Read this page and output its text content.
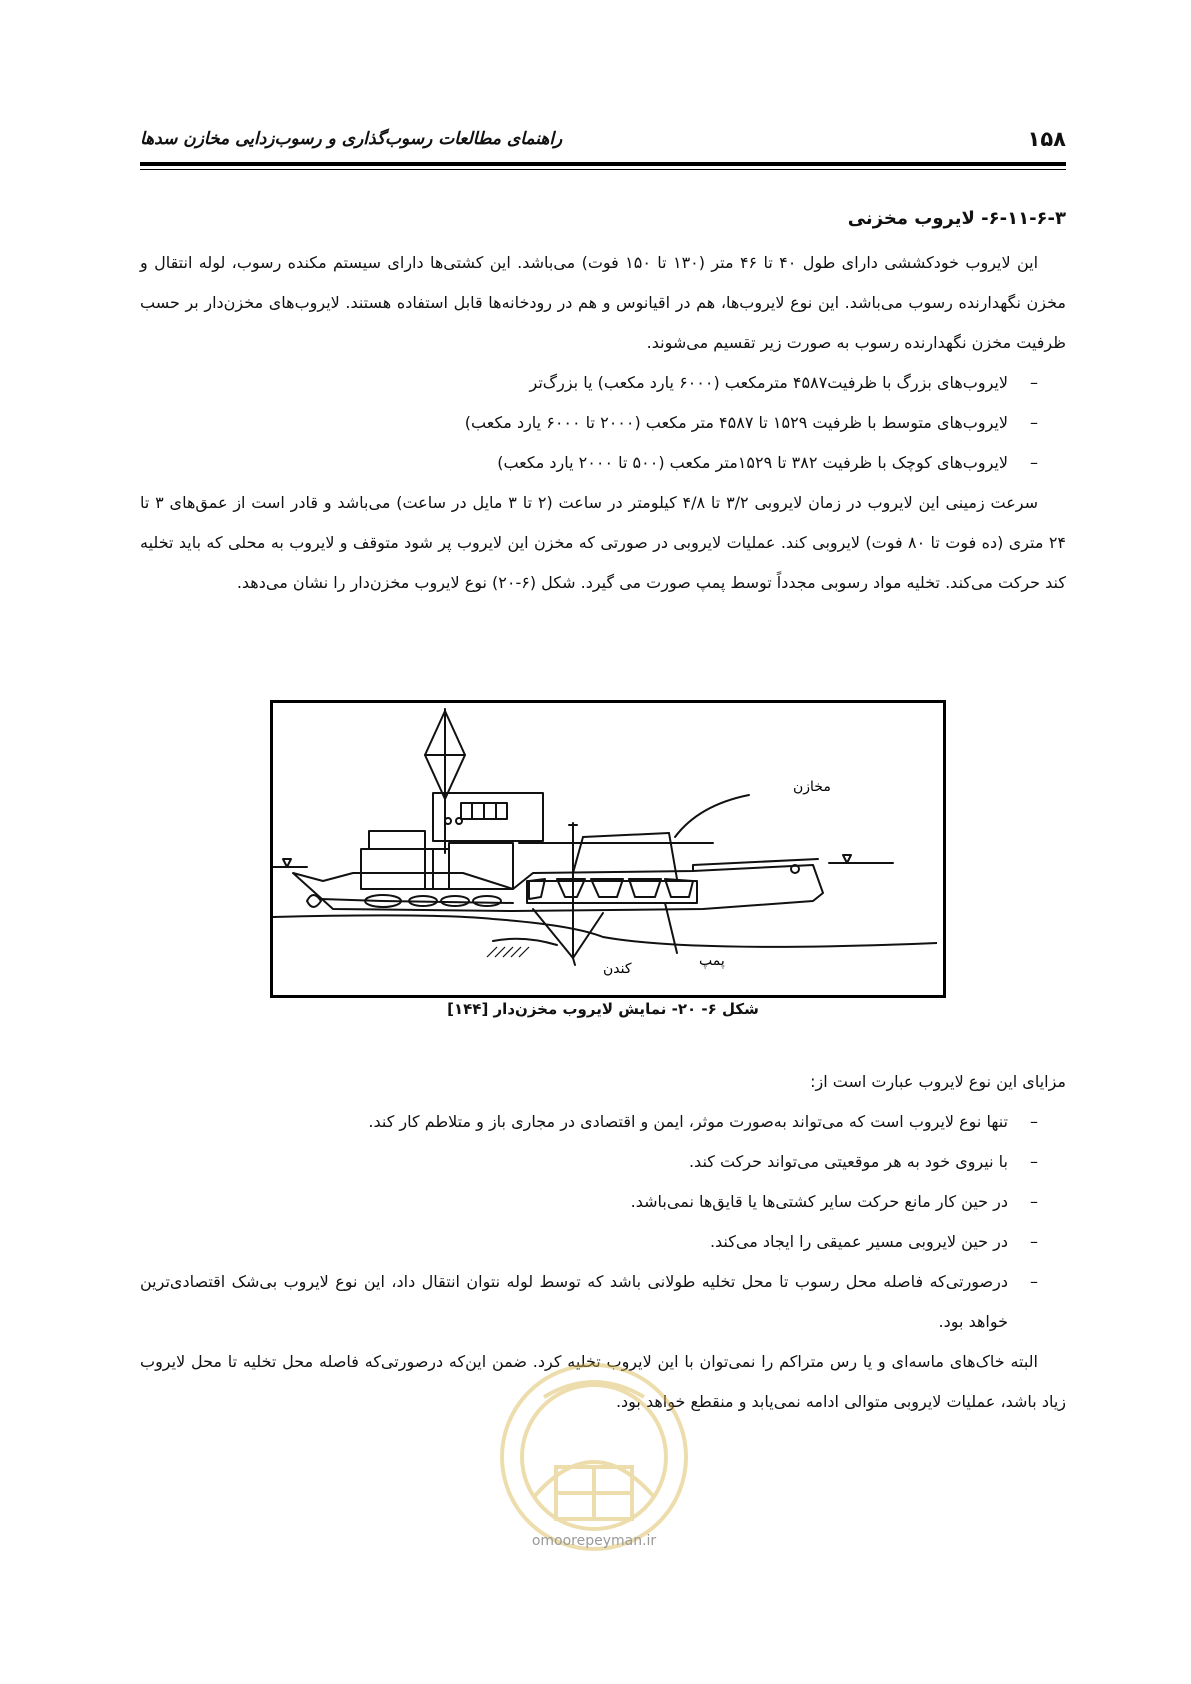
۱۵۸
راهنمای مطالعات رسوب‌گذاری و رسوب‌زدایی مخازن سدها
۶-۱۱-۶-۳- لایروب مخزنی

این لایروب خودکششی دارای طول ۴۰ تا ۴۶ متر (۱۳۰ تا ۱۵۰ فوت) می‌باشد. این کشتی‌ها دارای سیستم مکنده رسوب، لوله انتقال و مخزن نگهدارنده رسوب می‌باشد. این نوع لایروب‌ها، هم در اقیانوس و هم در رودخانه‌ها قابل استفاده هستند. لایروب‌های مخزن‌دار بر حسب ظرفیت مخزن نگهدارنده رسوب به صورت زیر تقسیم می‌شوند.

– لایروب‌های بزرگ با ظرفیت۴۵۸۷ مترمکعب (۶۰۰۰ یارد مکعب) یا بزرگ‌تر
– لایروب‌های متوسط با ظرفیت ۱۵۲۹ تا ۴۵۸۷ متر مکعب (۲۰۰۰ تا ۶۰۰۰ یارد مکعب)
– لایروب‌های کوچک با ظرفیت ۳۸۲ تا ۱۵۲۹متر مکعب (۵۰۰ تا ۲۰۰۰ یارد مکعب)

سرعت زمینی این لایروب در زمان لایروبی ۳/۲ تا ۴/۸ کیلومتر در ساعت (۲ تا ۳ مایل در ساعت) می‌باشد و قادر است از عمق‌های ۳ تا ۲۴ متری (ده فوت تا ۸۰ فوت) لایروبی کند. عملیات لایروبی در صورتی که مخزن این لایروب پر شود متوقف و لایروب به محلی که باید تخلیه کند حرکت می‌کند. تخلیه مواد رسوبی مجدداً توسط پمپ صورت می گیرد. شکل (۶-۲۰) نوع لایروب مخزن‌دار را نشان می‌دهد.

مخازن
پمپ
کندن
شکل ۶- ۲۰- نمایش لایروب مخزن‌دار [۱۴۴]

مزایای این نوع لایروب عبارت است از:

– تنها نوع لایروب است که می‌تواند به‌صورت موثر، ایمن و اقتصادی در مجاری باز و متلاطم کار کند.
– با نیروی خود به هر موقعیتی می‌تواند حرکت کند.
– در حین کار مانع حرکت سایر کشتی‌ها یا قایق‌ها نمی‌باشد.
– در حین لایروبی مسیر عمیقی را ایجاد می‌کند.
– درصورتی‌که فاصله محل رسوب تا محل تخلیه طولانی باشد که توسط لوله نتوان انتقال داد، این نوع لایروب بی‌شک اقتصادی‌ترین خواهد بود.

البته خاک‌های ماسه‌ای و یا رس متراکم را نمی‌توان با این لایروب تخلیه کرد. ضمن این‌که درصورتی‌که فاصله محل تخلیه تا محل لایروب زیاد باشد، عملیات لایروبی متوالی ادامه نمی‌یابد و منقطع خواهد بود.

omoorepeyman.ir
